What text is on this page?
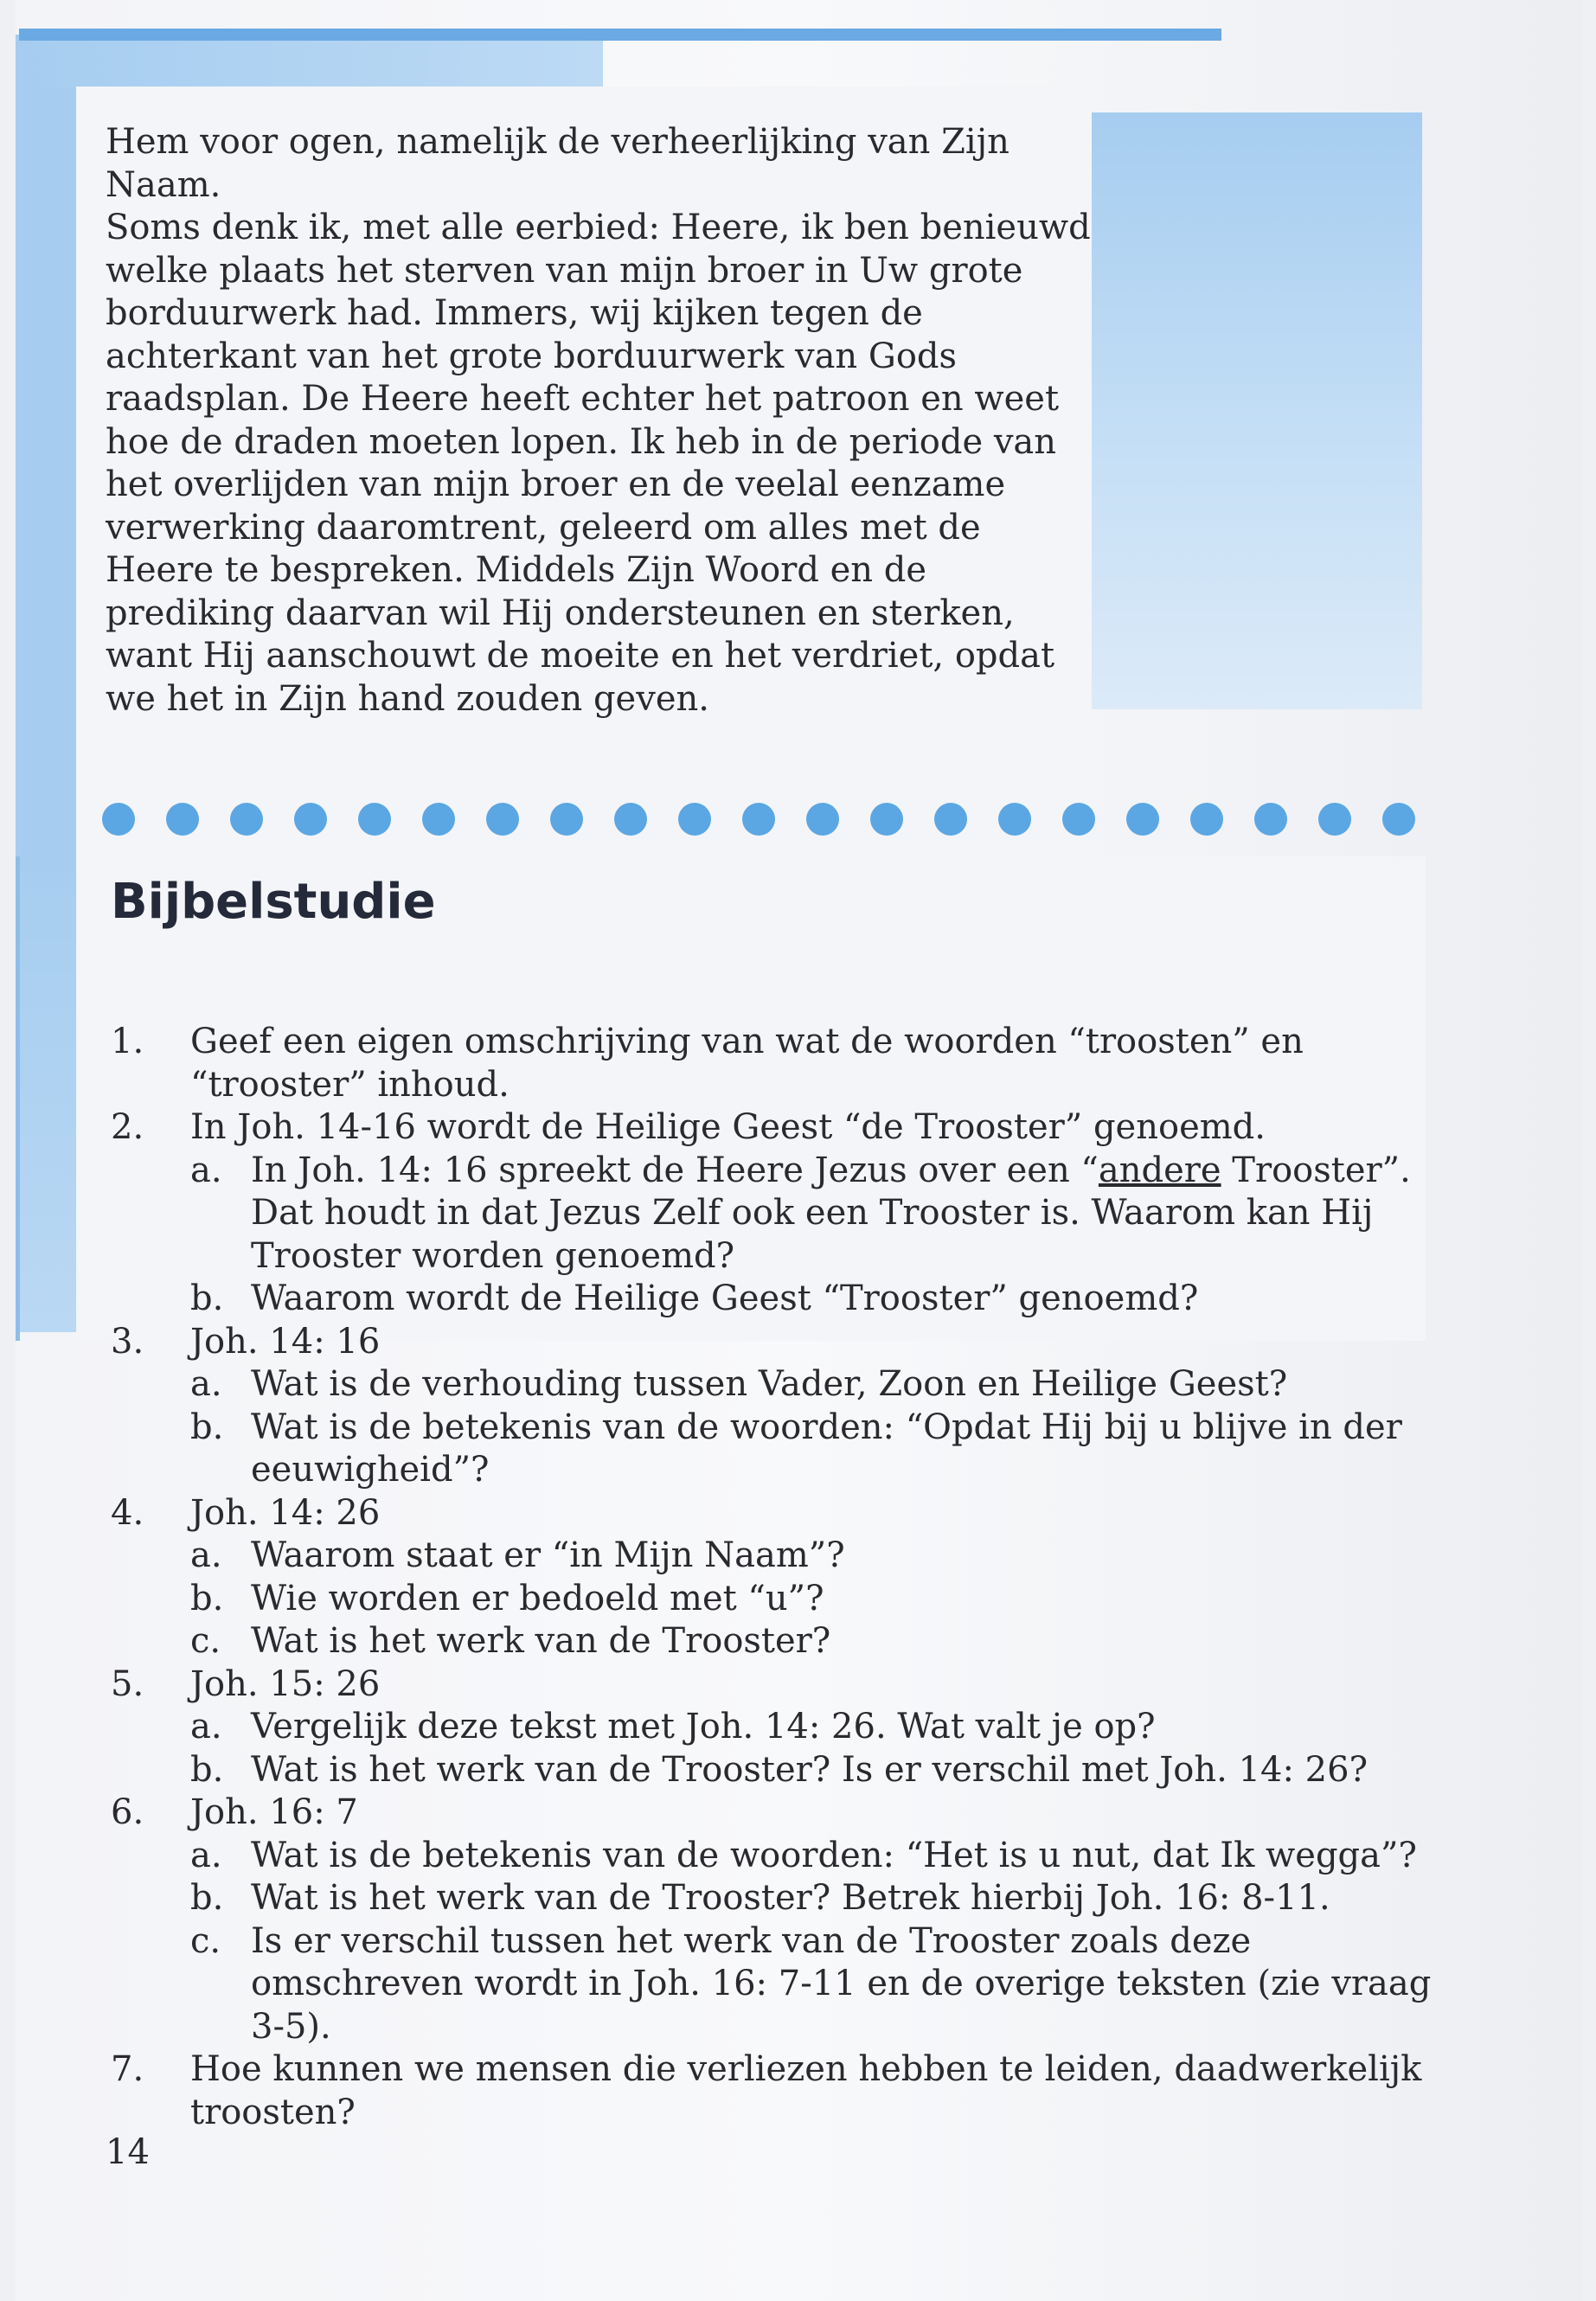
Hem voor ogen, namelijk de verheerlijking van Zijn Naam.

Soms denk ik, met alle eerbied: Heere, ik ben benieuwd welke plaats het sterven van mijn broer in Uw grote borduurwerk had. Immers, wij kijken tegen de achterkant van het grote borduurwerk van Gods raadsplan. De Heere heeft echter het patroon en weet hoe de draden moeten lopen. Ik heb in de periode van het overlijden van mijn broer en de veelal eenzame verwerking daaromtrent, geleerd om alles met de Heere te bespreken. Middels Zijn Woord en de prediking daarvan wil Hij ondersteunen en sterken, want Hij aanschouwt de moeite en het verdriet, opdat we het in Zijn hand zouden geven.

Bijbelstudie
1.	Geef een eigen omschrijving van wat de woorden “troosten” en “trooster” inhoud.
2.	In Joh. 14-16 wordt de Heilige Geest “de Trooster” genoemd.
a. In Joh. 14: 16 spreekt de Heere Jezus over een “andere Trooster”. Dat houdt in dat Jezus Zelf ook een Trooster is. Waarom kan Hij Trooster worden genoemd?
b. Waarom wordt de Heilige Geest “Trooster” genoemd?
3.	Joh. 14: 16
a. Wat is de verhouding tussen Vader, Zoon en Heilige Geest?
b. Wat is de betekenis van de woorden: “Opdat Hij bij u blijve in der eeuwigheid”?
4.	Joh. 14: 26
a. Waarom staat er “in Mijn Naam”?
b. Wie worden er bedoeld met “u”?
c. Wat is het werk van de Trooster?
5.	Joh. 15: 26
a. Vergelijk deze tekst met Joh. 14: 26. Wat valt je op?
b. Wat is het werk van de Trooster? Is er verschil met Joh. 14: 26?
6.	Joh. 16: 7
a. Wat is de betekenis van de woorden: “Het is u nut, dat Ik wegga”?
b. Wat is het werk van de Trooster? Betrek hierbij Joh. 16: 8-11.
c. Is er verschil tussen het werk van de Trooster zoals deze omschreven wordt in Joh. 16: 7-11 en de overige teksten (zie vraag 3-5).
7.	Hoe kunnen we mensen die verliezen hebben te leiden, daadwerkelijk troosten?
14
